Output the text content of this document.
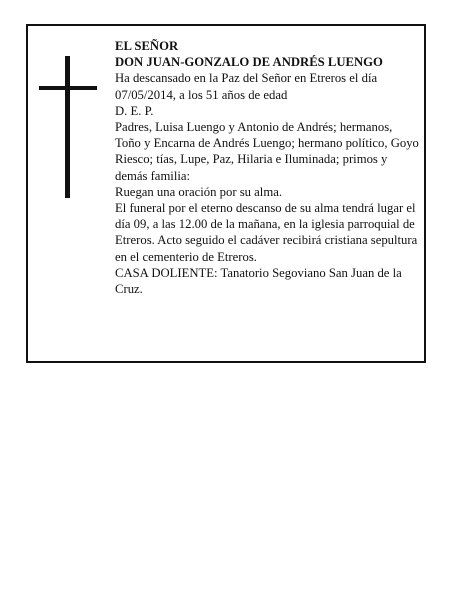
EL SEÑOR

DON JUAN-GONZALO DE ANDRÉS LUENGO

Ha descansado en la Paz del Señor en Etreros el día 07/05/2014, a los 51 años de edad

D. E. P.

Padres, Luisa Luengo y Antonio de Andrés; hermanos, Toño y Encarna de Andrés Luengo; hermano político, Goyo Riesco; tías, Lupe, Paz, Hilaria e Iluminada; primos y demás familia:

Ruegan una oración por su alma.

El funeral por el eterno descanso de su alma tendrá lugar el día 09, a las 12.00 de la mañana, en la iglesia parroquial de Etreros. Acto seguido el cadáver recibirá cristiana sepultura en el cementerio de Etreros.

CASA DOLIENTE: Tanatorio Segoviano San Juan de la Cruz.
